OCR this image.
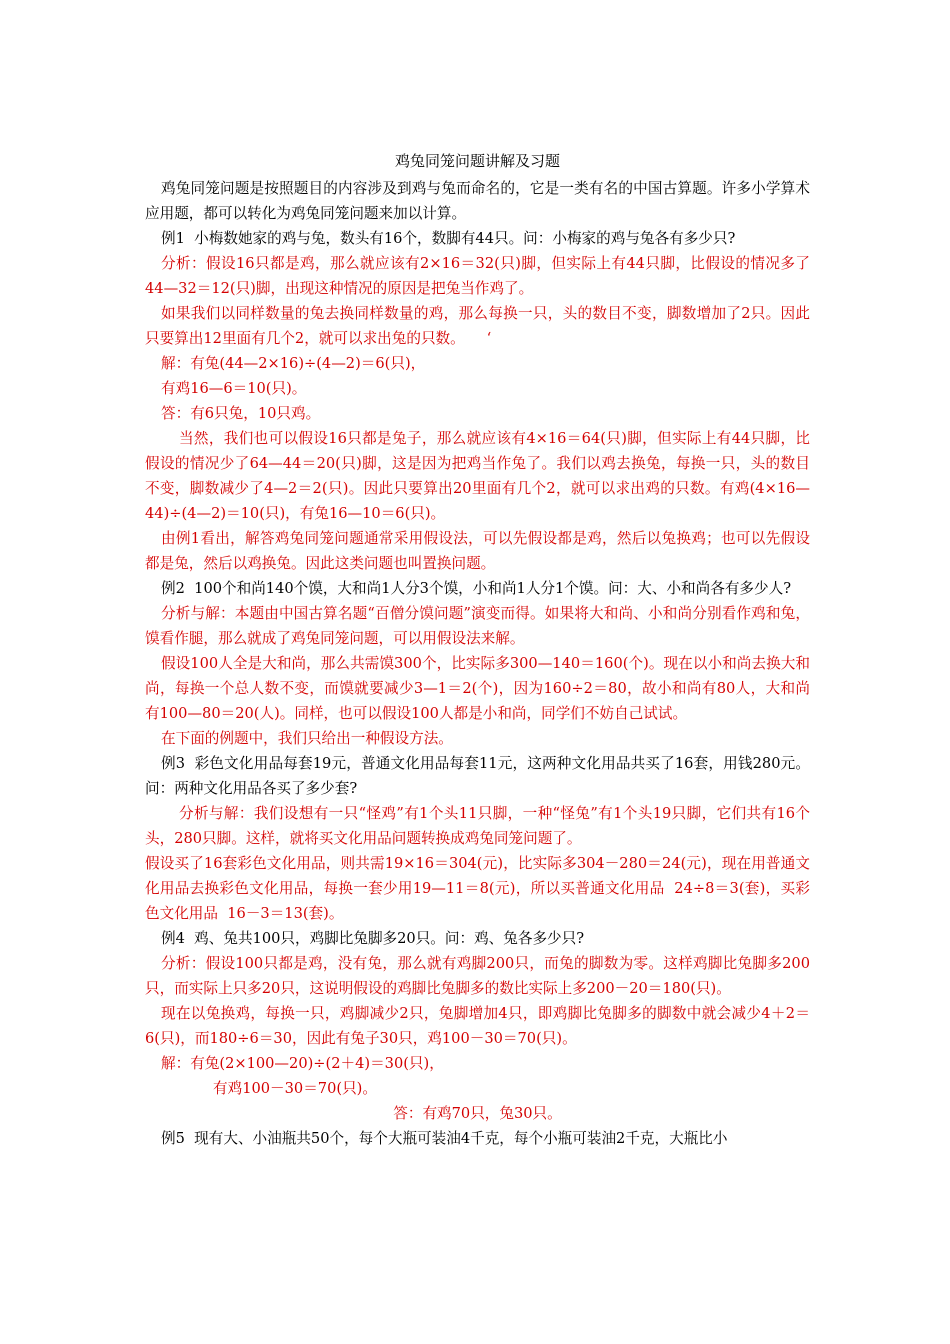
鸡兔同笼问题讲解及习题

鸡兔同笼问题是按照题目的内容涉及到鸡与兔而命名的，它是一类有名的中国古算题。许多小学算术应用题，都可以转化为鸡兔同笼问题来加以计算。

例1  小梅数她家的鸡与兔，数头有16个，数脚有44只。问：小梅家的鸡与兔各有多少只?

分析：假设16只都是鸡，那么就应该有2×16＝32(只)脚，但实际上有44只脚，比假设的情况多了44—32＝12(只)脚，出现这种情况的原因是把兔当作鸡了。

如果我们以同样数量的兔去换同样数量的鸡，那么每换一只，头的数目不变，脚数增加了2只。因此只要算出12里面有几个2，就可以求出兔的只数。　　‘

解：有兔(44—2×16)÷(4—2)＝6(只)，

有鸡16—6＝10(只)。

答：有6只兔，10只鸡。

当然，我们也可以假设16只都是兔子，那么就应该有4×16＝64(只)脚，但实际上有44只脚，比假设的情况少了64—44＝20(只)脚，这是因为把鸡当作兔了。我们以鸡去换兔，每换一只，头的数目不变，脚数减少了4—2＝2(只)。因此只要算出20里面有几个2，就可以求出鸡的只数。有鸡(4×16—44)÷(4—2)＝10(只)，有兔16—10＝6(只)。

由例1看出，解答鸡兔同笼问题通常采用假设法，可以先假设都是鸡，然后以兔换鸡；也可以先假设都是兔，然后以鸡换兔。因此这类问题也叫置换问题。

例2  100个和尚140个馍，大和尚1人分3个馍，小和尚1人分1个馍。问：大、小和尚各有多少人?

分析与解：本题由中国古算名题“百僧分馍问题”演变而得。如果将大和尚、小和尚分别看作鸡和兔，馍看作腿，那么就成了鸡兔同笼问题，可以用假设法来解。

假设100人全是大和尚，那么共需馍300个，比实际多300—140＝160(个)。现在以小和尚去换大和尚，每换一个总人数不变，而馍就要减少3—1＝2(个)，因为160÷2＝80，故小和尚有80人，大和尚有100—80＝20(人)。同样，也可以假设100人都是小和尚，同学们不妨自己试试。

在下面的例题中，我们只给出一种假设方法。

例3  彩色文化用品每套19元，普通文化用品每套11元，这两种文化用品共买了16套，用钱280元。问：两种文化用品各买了多少套?

分析与解：我们设想有一只“怪鸡”有1个头11只脚，一种“怪兔”有1个头19只脚，它们共有16个头，280只脚。这样，就将买文化用品问题转换成鸡兔同笼问题了。

假设买了16套彩色文化用品，则共需19×16＝304(元)，比实际多304－280＝24(元)，现在用普通文化用品去换彩色文化用品，每换一套少用19—11＝8(元)，所以买普通文化用品  24÷8＝3(套)，买彩色文化用品  16－3＝13(套)。

例4  鸡、兔共100只，鸡脚比兔脚多20只。问：鸡、兔各多少只?

分析：假设100只都是鸡，没有兔，那么就有鸡脚200只，而兔的脚数为零。这样鸡脚比兔脚多200只，而实际上只多20只，这说明假设的鸡脚比兔脚多的数比实际上多200－20＝180(只)。

现在以兔换鸡，每换一只，鸡脚减少2只，兔脚增加4只，即鸡脚比兔脚多的脚数中就会减少4＋2＝6(只)，而180÷6＝30，因此有兔子30只，鸡100－30＝70(只)。

解：有兔(2×100—20)÷(2＋4)＝30(只)，

有鸡100－30＝70(只)。

答：有鸡70只，兔30只。

例5  现有大、小油瓶共50个，每个大瓶可装油4千克，每个小瓶可装油2千克，大瓶比小
